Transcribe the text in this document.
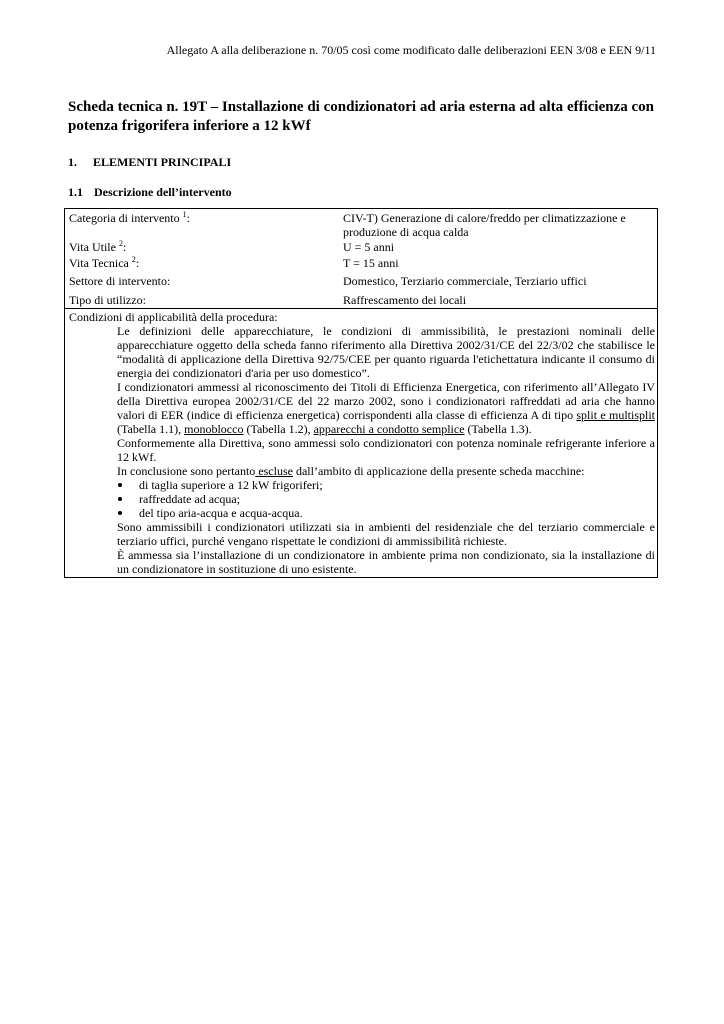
Allegato A alla deliberazione n. 70/05 così come modificato dalle deliberazioni EEN 3/08 e EEN 9/11
Scheda tecnica n. 19T – Installazione di condizionatori ad aria esterna ad alta efficienza con potenza frigorifera inferiore a 12 kWf
1. ELEMENTI PRINCIPALI
1.1 Descrizione dell’intervento
Categoria di intervento $^1$:	CIV-T) Generazione di calore/freddo per climatizzazione e produzione di acqua calda
Vita Utile $^2$:	U = 5 anni
Vita Tecnica $^2$:	T = 15 anni
Settore di intervento:	Domestico, Terziario commerciale, Terziario uffici
Tipo di utilizzo:	Raffrescamento dei locali
Condizioni di applicabilità della procedura:

Le definizioni delle apparecchiature, le condizioni di ammissibilità, le prestazioni nominali delle apparecchiature oggetto della scheda fanno riferimento alla Direttiva 2002/31/CE del 22/3/02 che stabilisce le “modalità di applicazione della Direttiva 92/75/CEE per quanto riguarda l'etichettatura indicante il consumo di energia dei condizionatori d'aria per uso domestico”.

I condizionatori ammessi al riconoscimento dei Titoli di Efficienza Energetica, con riferimento all’Allegato IV della Direttiva europea 2002/31/CE del 22 marzo 2002, sono i condizionatori raffreddati ad aria che hanno valori di EER (indice di efficienza energetica) corrispondenti alla classe di efficienza A di tipo split e multisplit (Tabella 1.1), monoblocco (Tabella 1.2), apparecchi a condotto semplice (Tabella 1.3).

Conformemente alla Direttiva, sono ammessi solo condizionatori con potenza nominale refrigerante inferiore a 12 kWf.

In conclusione sono pertanto escluse dall’ambito di applicazione della presente scheda macchine:

di taglia superiore a 12 kW frigoriferi;
raffreddate ad acqua;
del tipo aria-acqua e acqua-acqua.

Sono ammissibili i condizionatori utilizzati sia in ambienti del residenziale che del terziario commerciale e terziario uffici, purché vengano rispettate le condizioni di ammissibilità richieste.

È ammessa sia l’installazione di un condizionatore in ambiente prima non condizionato, sia la installazione di un condizionatore in sostituzione di uno esistente.
